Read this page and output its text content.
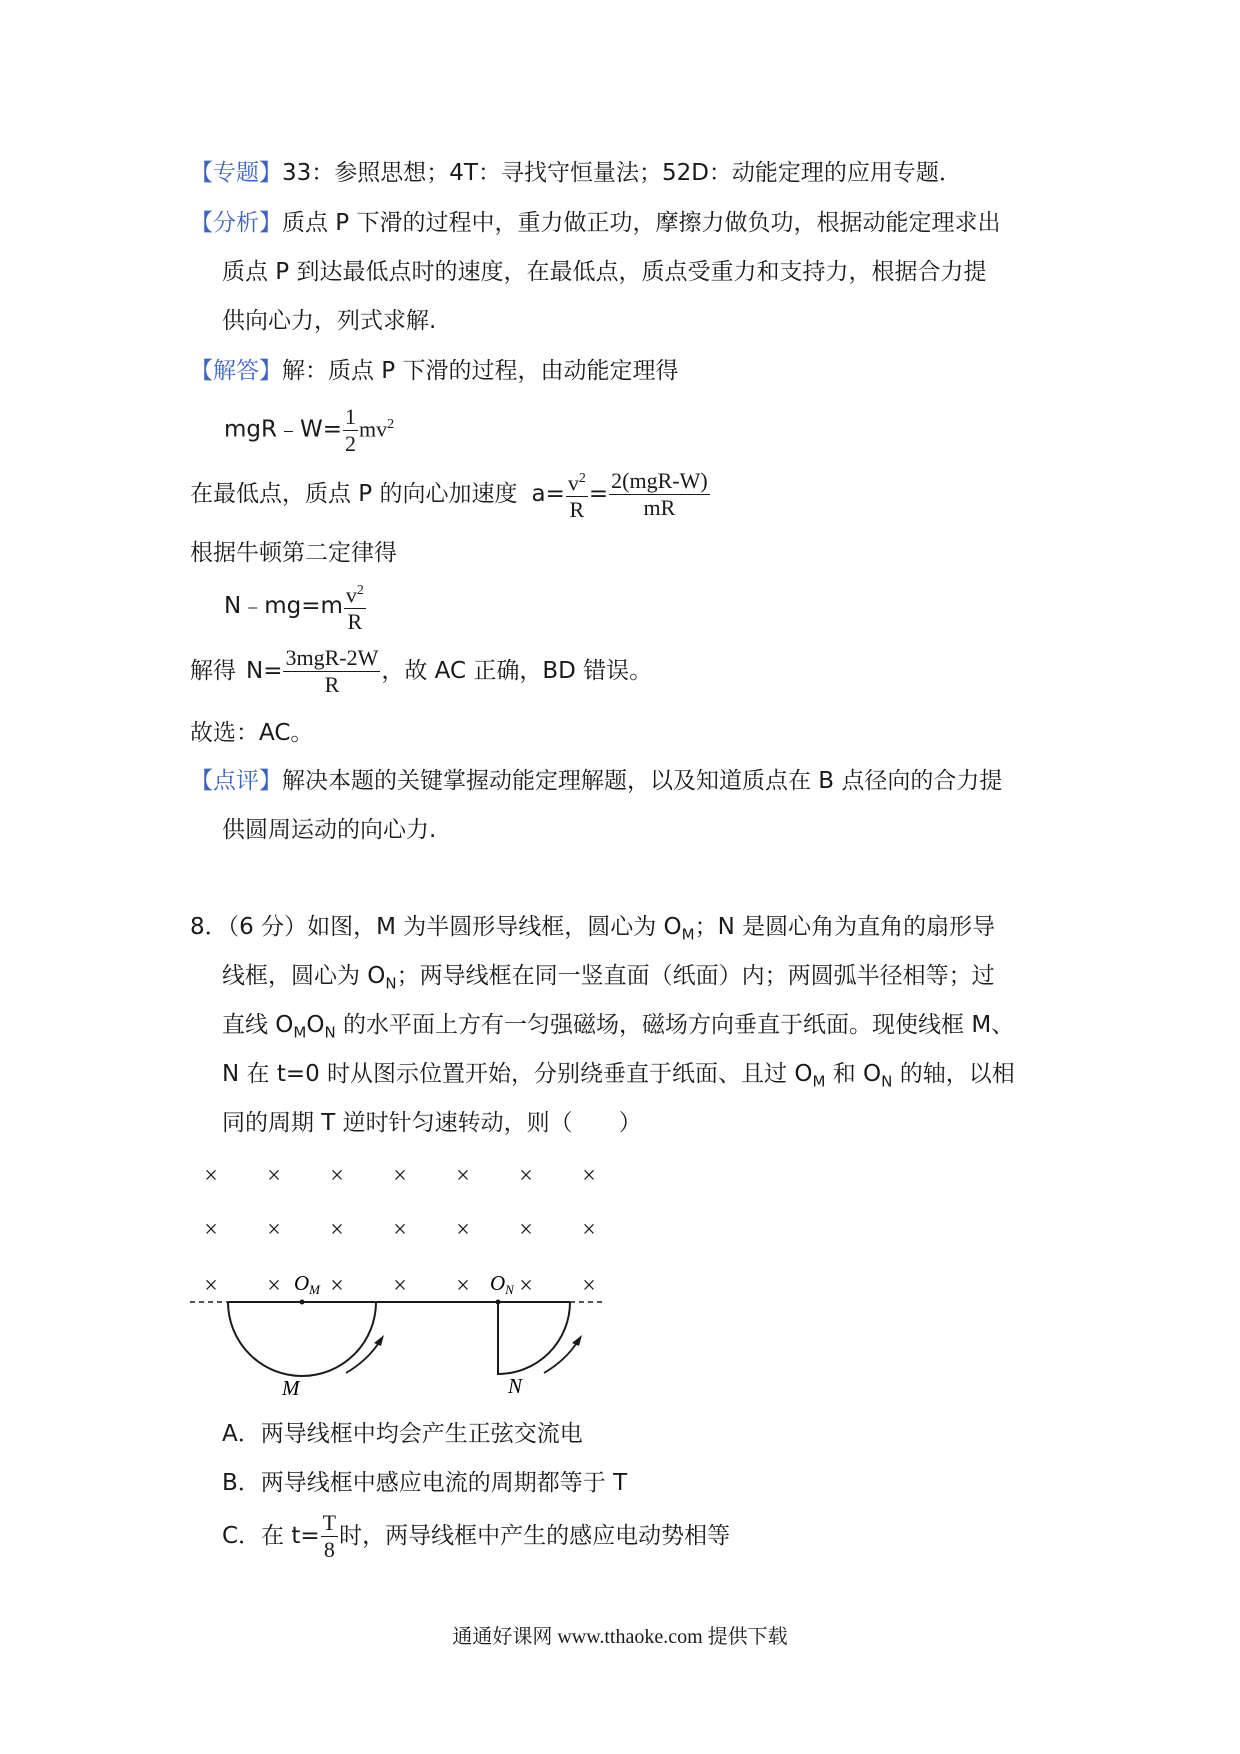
【专题】33：参照思想；4T：寻找守恒量法；52D：动能定理的应用专题．
【分析】质点 P 下滑的过程中，重力做正功，摩擦力做负功，根据动能定理求出
质点 P 到达最低点时的速度，在最低点，质点受重力和支持力，根据合力提
供向心力，列式求解.
【解答】解：质点 P 下滑的过程，由动能定理得
mgR﹣W= $\frac{1}{2} mv^2$
在最低点，质点 P 的向心加速度 $a= \frac{v^2}{R} = \frac{\text{2(mgR-W)}}{mR}$
根据牛顿第二定律得
N﹣mg=m $\frac{v^2}{R}$
解得 $N= \frac{\text{3mgR-2W}}{R}$ ，故 AC 正确，BD 错误。
故选：AC。
【点评】解决本题的关键掌握动能定理解题，以及知道质点在 B 点径向的合力提
供圆周运动的向心力.
8．（6 分）如图，M 为半圆形导线框，圆心为 $O_M$；N 是圆心角为直角的扇形导
线框，圆心为 $O_N$；两导线框在同一竖直面（纸面）内；两圆弧半径相等；过
直线 $O_MO_N$ 的水平面上方有一匀强磁场，磁场方向垂直于纸面。现使线框 M、
N 在 t=0 时从图示位置开始，分别绕垂直于纸面、且过 $O_M$ 和 $O_N$ 的轴，以相
同的周期 T 逆时针匀速转动，则（　　）
× × × × × × ×
× × × × × × ×
× × × × × × ×
OM	ON
M	N
A．两导线框中均会产生正弦交流电
B．两导线框中感应电流的周期都等于 T
C．在 $t= \frac{T}{8}$ 时，两导线框中产生的感应电动势相等
通通好课网 www.tthaoke.com 提供下载
